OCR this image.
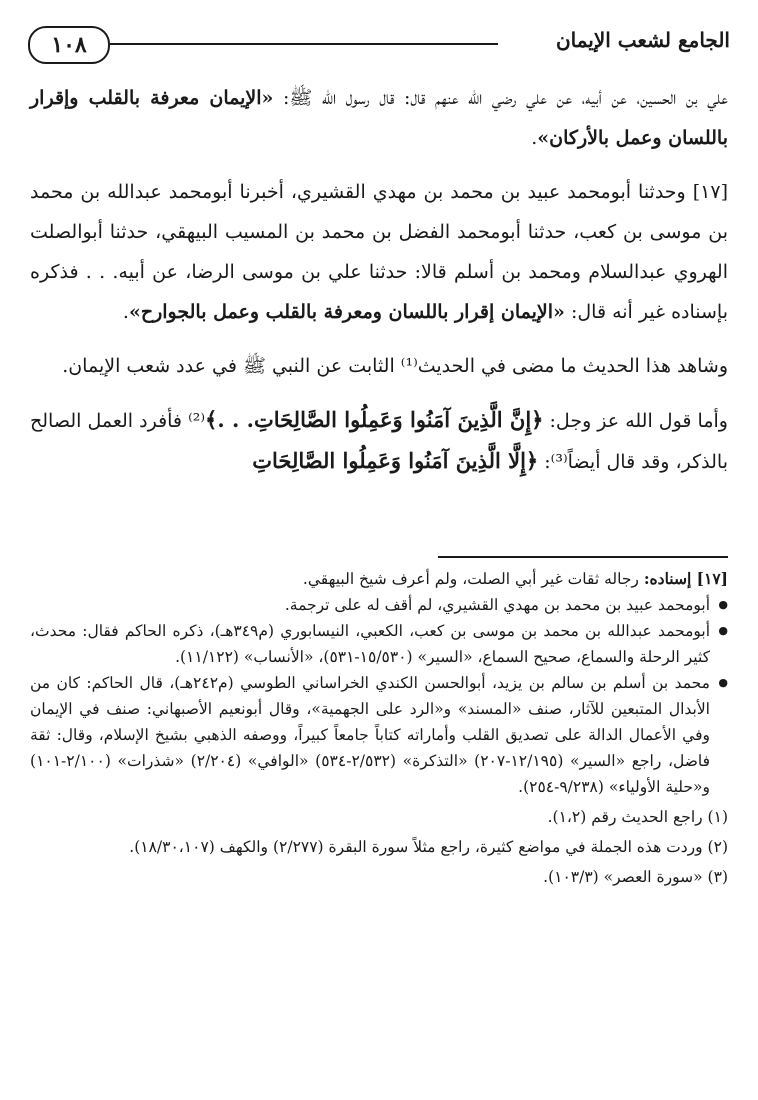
١٠٨	الجامع لشعب الإيمان

علي بن الحسين، عن أبيه، عن علي رضي الله عنهم قال: قال رسول الله ﷺ: «الإيمان معرفة بالقلب وإقرار باللسان وعمل بالأركان».

[١٧] وحدثنا أبومحمد عبيد بن محمد بن مهدي القشيري، أخبرنا أبومحمد عبدالله بن محمد بن موسى بن كعب، حدثنا أبومحمد الفضل بن محمد بن المسيب البيهقي، حدثنا أبوالصلت الهروي عبدالسلام ومحمد بن أسلم قالا: حدثنا علي بن موسى الرضا، عن أبيه. . . فذكره بإسناده غير أنه قال: «الإيمان إقرار باللسان ومعرفة بالقلب وعمل بالجوارح».

وشاهد هذا الحديث ما مضى في الحديث⁽¹⁾ الثابت عن النبي ﷺ في عدد شعب الإيمان.

وأما قول الله عز وجل: ﴿إِنَّ الَّذِينَ آمَنُوا وَعَمِلُوا الصَّالِحَاتِ. . .﴾⁽²⁾ فأفرد العمل الصالح بالذكر، وقد قال أيضاً⁽³⁾: ﴿إِلَّا الَّذِينَ آمَنُوا وَعَمِلُوا الصَّالِحَاتِ

[١٧] إسناده: رجاله ثقات غير أبي الصلت، ولم أعرف شيخ البيهقي.

● أبومحمد عبيد بن محمد بن مهدي القشيري، لم أقف له على ترجمة.

● أبومحمد عبدالله بن محمد بن موسى بن كعب، الكعبي، النيسابوري (م٣٤٩هـ)، ذكره الحاكم فقال: محدث، كثير الرحلة والسماع، صحيح السماع، «السير» (١٥/٥٣٠-٥٣١)، «الأنساب» (١١/١٢٢).

● محمد بن أسلم بن سالم بن يزيد، أبوالحسن الكندي الخراساني الطوسي (م٢٤٢هـ)، قال الحاكم: كان من الأبدال المتبعين للآثار، صنف «المسند» و«الرد على الجهمية»، وقال أبونعيم الأصبهاني: صنف في الإيمان وفي الأعمال الدالة على تصديق القلب وأماراته كتاباً جامعاً كبيراً، ووصفه الذهبي بشيخ الإسلام، وقال: ثقة فاضل، راجع «السير» (١٢/١٩٥-٢٠٧) «التذكرة» (٢/٥٣٢-٥٣٤) «الوافي» (٢/٢٠٤) «شذرات» (٢/١٠٠-١٠١) و«حلية الأولياء» (٩/٢٣٨-٢٥٤).

(١) راجع الحديث رقم (١،٢).

(٢) وردت هذه الجملة في مواضع كثيرة، راجع مثلاً سورة البقرة (٢/٢٧٧) والكهف (١٨/٣٠،١٠٧).

(٣) «سورة العصر» (١٠٣/٣).
